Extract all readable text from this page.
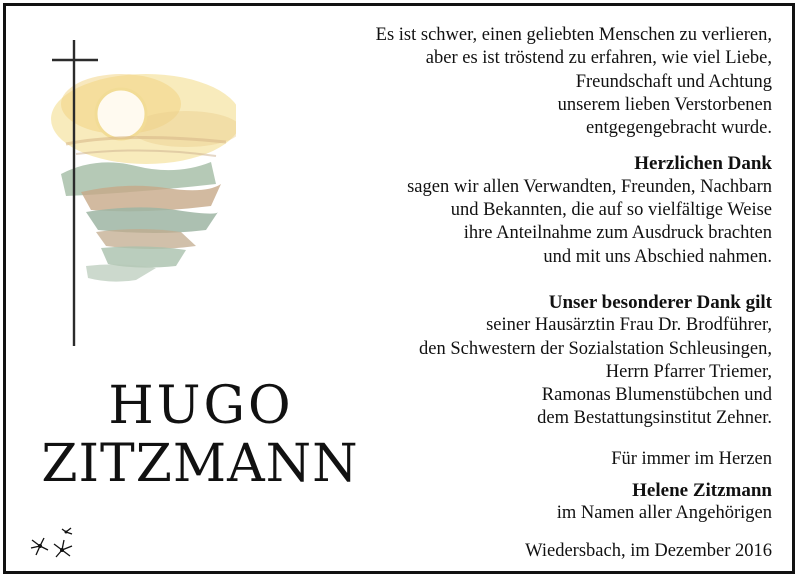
HUGO
ZITZMANN
Es ist schwer, einen geliebten Menschen zu verlieren,
aber es ist tröstend zu erfahren, wie viel Liebe,
Freundschaft und Achtung
unserem lieben Verstorbenen
entgegengebracht wurde.
Herzlichen Dank
sagen wir allen Verwandten, Freunden, Nachbarn
und Bekannten, die auf so vielfältige Weise
ihre Anteilnahme zum Ausdruck brachten
und mit uns Abschied nahmen.
Unser besonderer Dank gilt
seiner Hausärztin Frau Dr. Brodführer,
den Schwestern der Sozialstation Schleusingen,
Herrn Pfarrer Triemer,
Ramonas Blumenstübchen und
dem Bestattungsinstitut Zehner.
Für immer im Herzen
Helene Zitzmann
im Namen aller Angehörigen
Wiedersbach, im Dezember 2016
